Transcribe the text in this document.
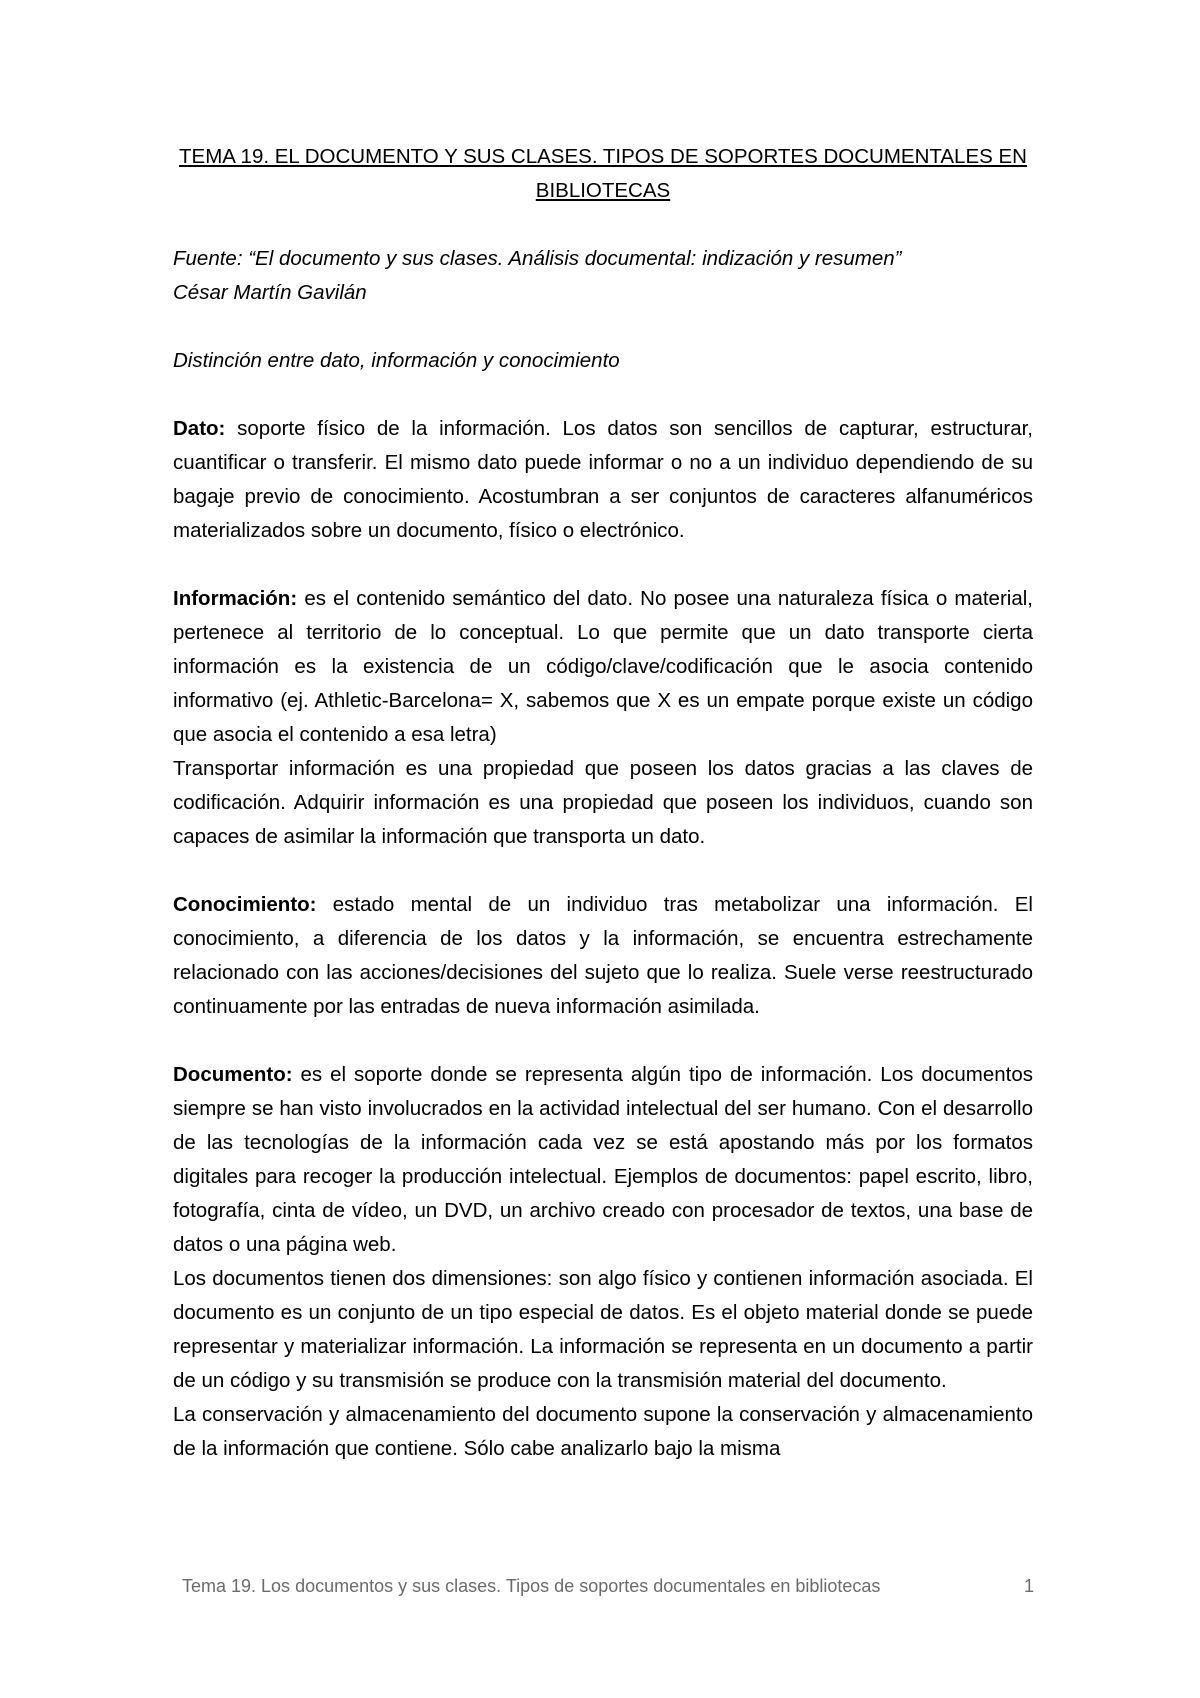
TEMA 19. EL DOCUMENTO Y SUS CLASES. TIPOS DE SOPORTES DOCUMENTALES EN
BIBLIOTECAS

Fuente: “El documento y sus clases. Análisis documental: indización y resumen”
César Martín Gavilán
Distinción entre dato, información y conocimiento

Dato: soporte físico de la información. Los datos son sencillos de capturar, estructurar, cuantificar o transferir. El mismo dato puede informar o no a un individuo dependiendo de su bagaje previo de conocimiento. Acostumbran a ser conjuntos de caracteres alfanuméricos materializados sobre un documento, físico o electrónico.

Información: es el contenido semántico del dato. No posee una naturaleza física o material, pertenece al territorio de lo conceptual. Lo que permite que un dato transporte cierta información es la existencia de un código/clave/codificación que le asocia contenido informativo (ej. Athletic-Barcelona= X, sabemos que X es un empate porque existe un código que asocia el contenido a esa letra)

Transportar información es una propiedad que poseen los datos gracias a las claves de codificación. Adquirir información es una propiedad que poseen los individuos, cuando son capaces de asimilar la información que transporta un dato.

Conocimiento: estado mental de un individuo tras metabolizar una información. El conocimiento, a diferencia de los datos y la información, se encuentra estrechamente relacionado con las acciones/decisiones del sujeto que lo realiza. Suele verse reestructurado continuamente por las entradas de nueva información asimilada.

Documento: es el soporte donde se representa algún tipo de información. Los documentos siempre se han visto involucrados en la actividad intelectual del ser humano. Con el desarrollo de las tecnologías de la información cada vez se está apostando más por los formatos digitales para recoger la producción intelectual. Ejemplos de documentos: papel escrito, libro, fotografía, cinta de vídeo, un DVD, un archivo creado con procesador de textos, una base de datos o una página web.

Los documentos tienen dos dimensiones: son algo físico y contienen información asociada. El documento es un conjunto de un tipo especial de datos. Es el objeto material donde se puede representar y materializar información. La información se representa en un documento a partir de un código y su transmisión se produce con la transmisión material del documento.

La conservación y almacenamiento del documento supone la conservación y almacenamiento de la información que contiene. Sólo cabe analizarlo bajo la misma

Tema 19. Los documentos y sus clases. Tipos de soportes documentales en bibliotecas	1
